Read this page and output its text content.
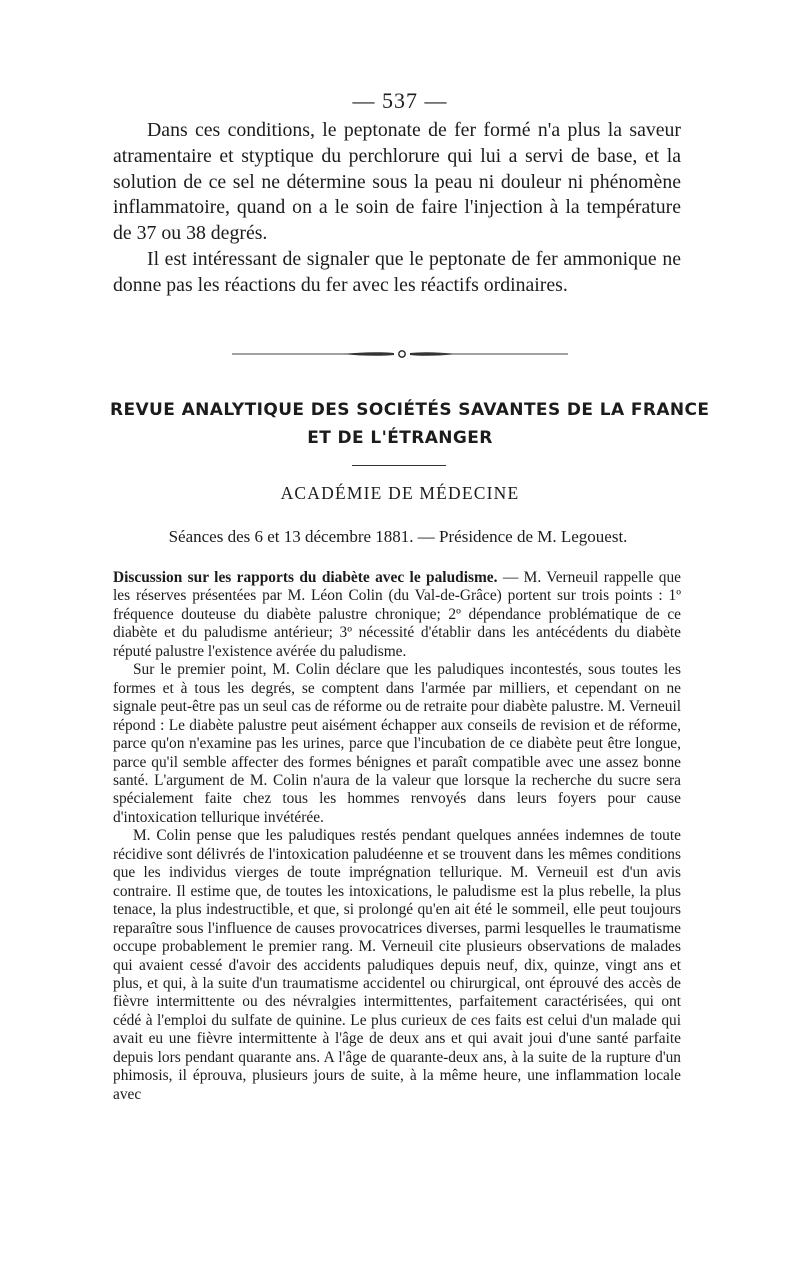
— 537 —

Dans ces conditions, le peptonate de fer formé n'a plus la saveur atramentaire et styptique du perchlorure qui lui a servi de base, et la solution de ce sel ne détermine sous la peau ni douleur ni phénomène inflammatoire, quand on a le soin de faire l'injection à la température de 37 ou 38 degrés.

Il est intéressant de signaler que le peptonate de fer ammonique ne donne pas les réactions du fer avec les réactifs ordinaires.

REVUE ANALYTIQUE DES SOCIÉTÉS SAVANTES DE LA FRANCE
ET DE L'ÉTRANGER
ACADÉMIE DE MÉDECINE
Séances des 6 et 13 décembre 1881. — Présidence de M. Legouest.

Discussion sur les rapports du diabète avec le paludisme. — M. Verneuil rappelle que les réserves présentées par M. Léon Colin (du Val-de-Grâce) portent sur trois points : 1º fréquence douteuse du diabète palustre chronique; 2º dépendance problématique de ce diabète et du paludisme antérieur; 3º nécessité d'établir dans les antécédents du diabète réputé palustre l'existence avérée du paludisme.

Sur le premier point, M. Colin déclare que les paludiques incontestés, sous toutes les formes et à tous les degrés, se comptent dans l'armée par milliers, et cependant on ne signale peut-être pas un seul cas de réforme ou de retraite pour diabète palustre. M. Verneuil répond : Le diabète palustre peut aisément échapper aux conseils de revision et de réforme, parce qu'on n'examine pas les urines, parce que l'incubation de ce diabète peut être longue, parce qu'il semble affecter des formes bénignes et paraît compatible avec une assez bonne santé. L'argument de M. Colin n'aura de la valeur que lorsque la recherche du sucre sera spécialement faite chez tous les hommes renvoyés dans leurs foyers pour cause d'intoxication tellurique invétérée.

M. Colin pense que les paludiques restés pendant quelques années indemnes de toute récidive sont délivrés de l'intoxication paludéenne et se trouvent dans les mêmes conditions que les individus vierges de toute imprégnation tellurique. M. Verneuil est d'un avis contraire. Il estime que, de toutes les intoxications, le paludisme est la plus rebelle, la plus tenace, la plus indestructible, et que, si prolongé qu'en ait été le sommeil, elle peut toujours reparaître sous l'influence de causes provocatrices diverses, parmi lesquelles le traumatisme occupe probablement le premier rang. M. Verneuil cite plusieurs observations de malades qui avaient cessé d'avoir des accidents paludiques depuis neuf, dix, quinze, vingt ans et plus, et qui, à la suite d'un traumatisme accidentel ou chirurgical, ont éprouvé des accès de fièvre intermittente ou des névralgies intermittentes, parfaitement caractérisées, qui ont cédé à l'emploi du sulfate de quinine. Le plus curieux de ces faits est celui d'un malade qui avait eu une fièvre intermittente à l'âge de deux ans et qui avait joui d'une santé parfaite depuis lors pendant quarante ans. A l'âge de quarante-deux ans, à la suite de la rupture d'un phimosis, il éprouva, plusieurs jours de suite, à la même heure, une inflammation locale avec
